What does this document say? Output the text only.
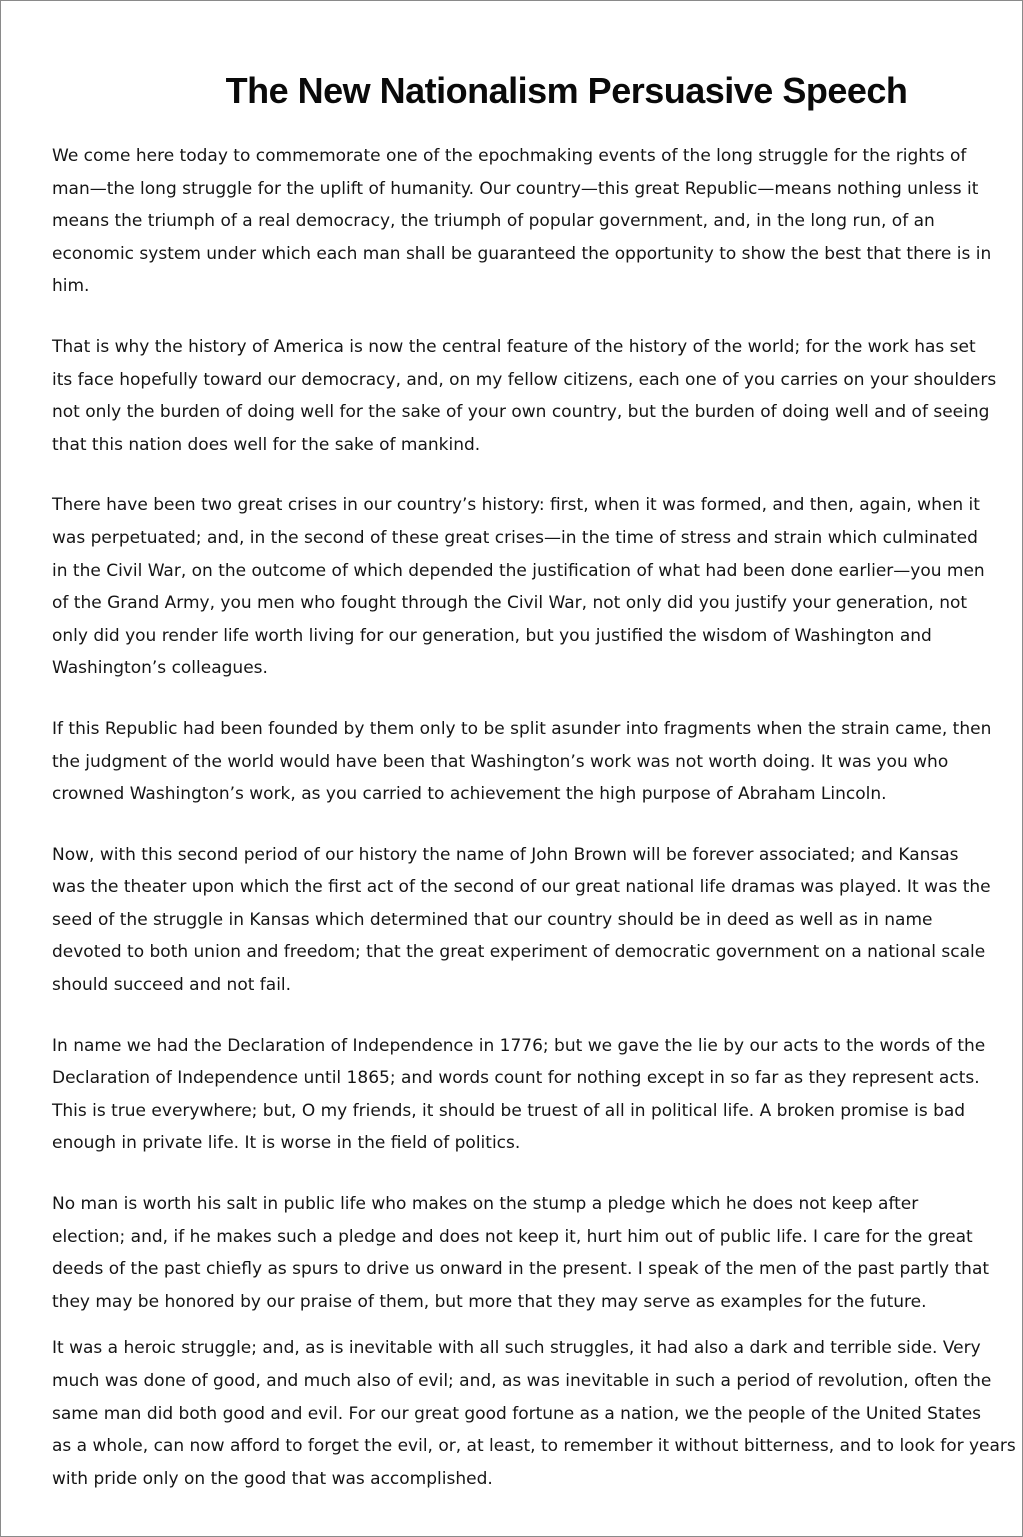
The New Nationalism Persuasive Speech

We come here today to commemorate one of the epochmaking events of the long struggle for the rights of
man—the long struggle for the uplift of humanity. Our country—this great Republic—means nothing unless it
means the triumph of a real democracy, the triumph of popular government, and, in the long run, of an
economic system under which each man shall be guaranteed the opportunity to show the best that there is in
him.

That is why the history of America is now the central feature of the history of the world; for the work has set
its face hopefully toward our democracy, and, on my fellow citizens, each one of you carries on your shoulders
not only the burden of doing well for the sake of your own country, but the burden of doing well and of seeing
that this nation does well for the sake of mankind.

There have been two great crises in our country’s history: first, when it was formed, and then, again, when it
was perpetuated; and, in the second of these great crises—in the time of stress and strain which culminated
in the Civil War, on the outcome of which depended the justification of what had been done earlier—you men
of the Grand Army, you men who fought through the Civil War, not only did you justify your generation, not
only did you render life worth living for our generation, but you justified the wisdom of Washington and
Washington’s colleagues.

If this Republic had been founded by them only to be split asunder into fragments when the strain came, then
the judgment of the world would have been that Washington’s work was not worth doing. It was you who
crowned Washington’s work, as you carried to achievement the high purpose of Abraham Lincoln.

Now, with this second period of our history the name of John Brown will be forever associated; and Kansas
was the theater upon which the first act of the second of our great national life dramas was played. It was the
seed of the struggle in Kansas which determined that our country should be in deed as well as in name
devoted to both union and freedom; that the great experiment of democratic government on a national scale
should succeed and not fail.

In name we had the Declaration of Independence in 1776; but we gave the lie by our acts to the words of the
Declaration of Independence until 1865; and words count for nothing except in so far as they represent acts.
This is true everywhere; but, O my friends, it should be truest of all in political life. A broken promise is bad
enough in private life. It is worse in the field of politics.

No man is worth his salt in public life who makes on the stump a pledge which he does not keep after
election; and, if he makes such a pledge and does not keep it, hurt him out of public life. I care for the great
deeds of the past chiefly as spurs to drive us onward in the present. I speak of the men of the past partly that
they may be honored by our praise of them, but more that they may serve as examples for the future.

It was a heroic struggle; and, as is inevitable with all such struggles, it had also a dark and terrible side. Very
much was done of good, and much also of evil; and, as was inevitable in such a period of revolution, often the
same man did both good and evil. For our great good fortune as a nation, we the people of the United States
as a whole, can now afford to forget the evil, or, at least, to remember it without bitterness, and to look for years
with pride only on the good that was accomplished.
